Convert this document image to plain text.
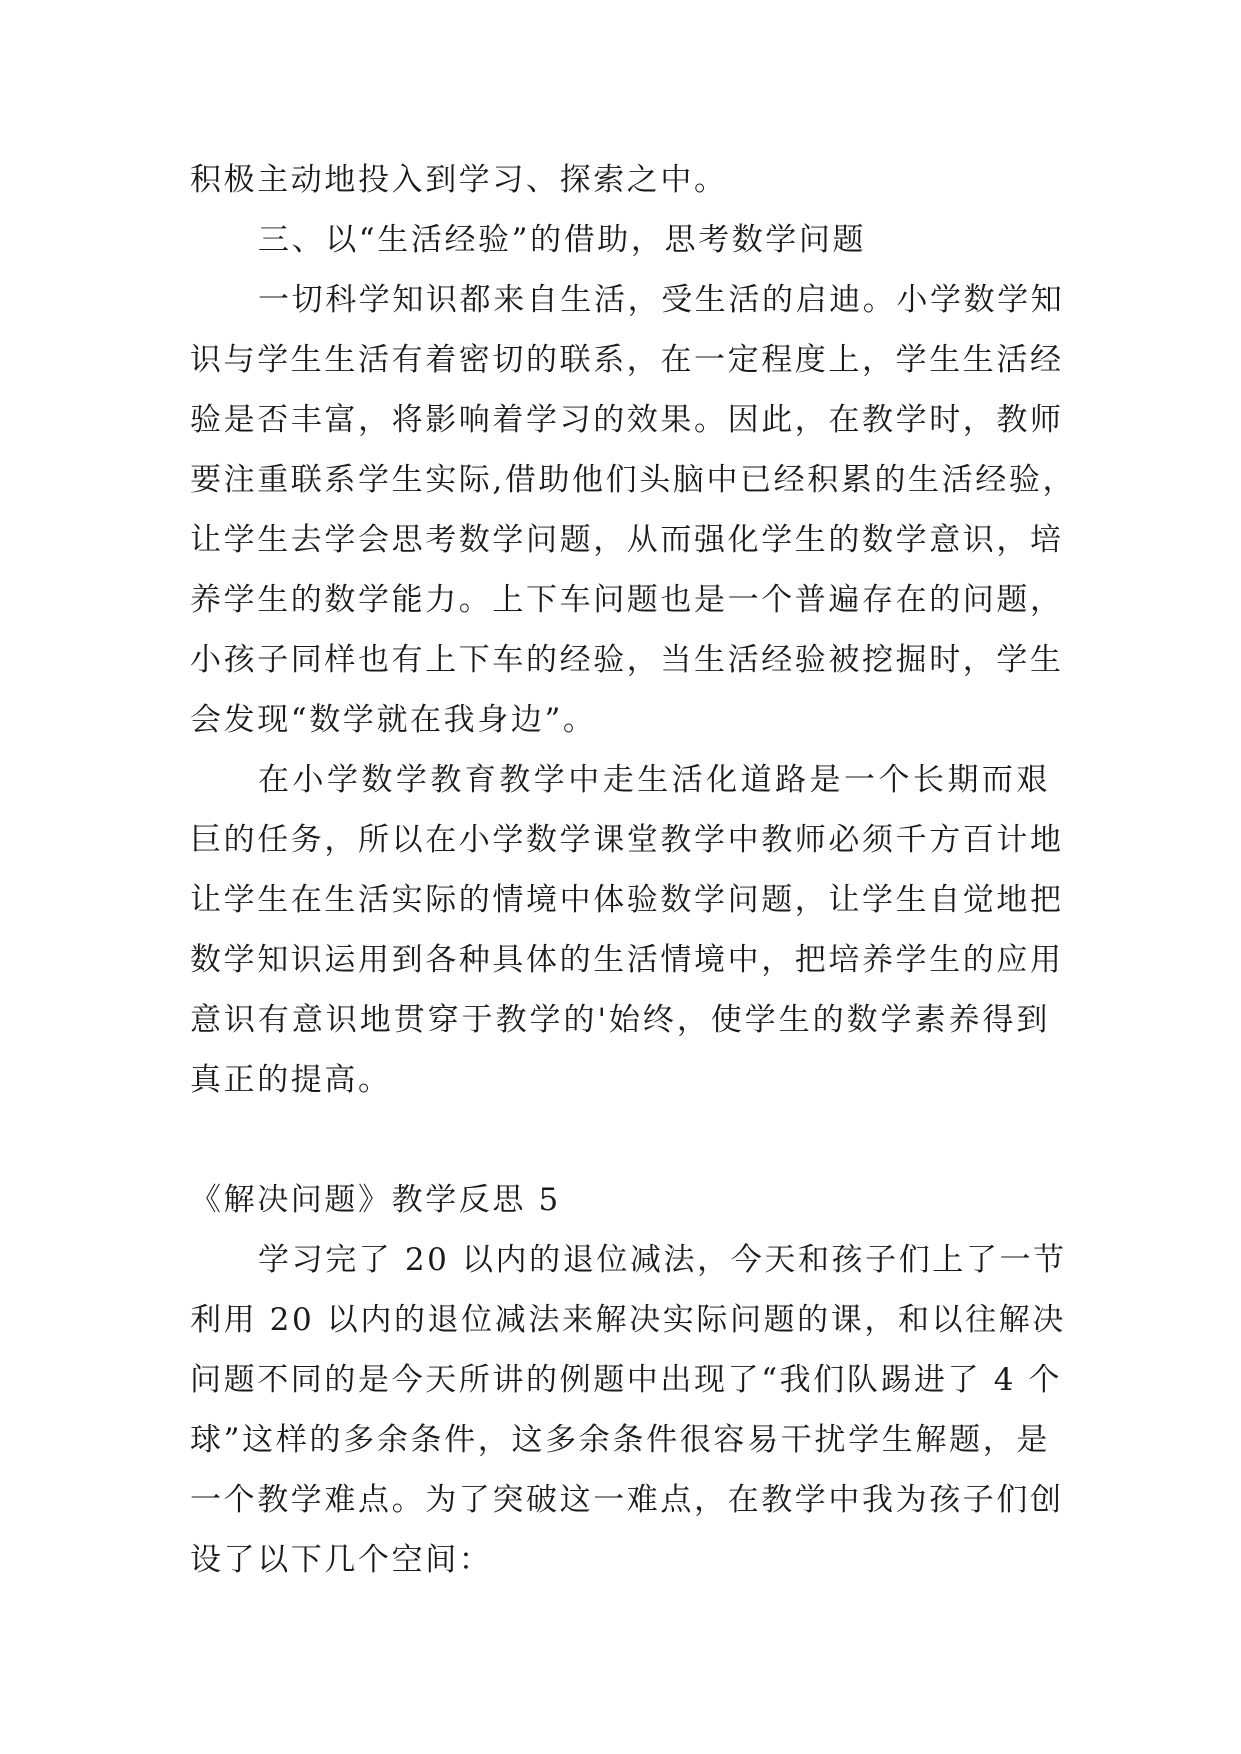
积极主动地投入到学习、探索之中。
三、以“生活经验”的借助，思考数学问题
一切科学知识都来自生活，受生活的启迪。小学数学知
识与学生生活有着密切的联系，在一定程度上，学生生活经
验是否丰富，将影响着学习的效果。因此，在教学时，教师
要注重联系学生实际,借助他们头脑中已经积累的生活经验，
让学生去学会思考数学问题，从而强化学生的数学意识，培
养学生的数学能力。上下车问题也是一个普遍存在的问题，
小孩子同样也有上下车的经验，当生活经验被挖掘时，学生
会发现“数学就在我身边”。
在小学数学教育教学中走生活化道路是一个长期而艰
巨的任务，所以在小学数学课堂教学中教师必须千方百计地
让学生在生活实际的情境中体验数学问题，让学生自觉地把
数学知识运用到各种具体的生活情境中，把培养学生的应用
意识有意识地贯穿于教学的'始终，使学生的数学素养得到
真正的提高。
《解决问题》教学反思 5
学习完了 20 以内的退位减法，今天和孩子们上了一节
利用 20 以内的退位减法来解决实际问题的课，和以往解决
问题不同的是今天所讲的例题中出现了“我们队踢进了 4 个
球”这样的多余条件，这多余条件很容易干扰学生解题，是
一个教学难点。为了突破这一难点，在教学中我为孩子们创
设了以下几个空间：
